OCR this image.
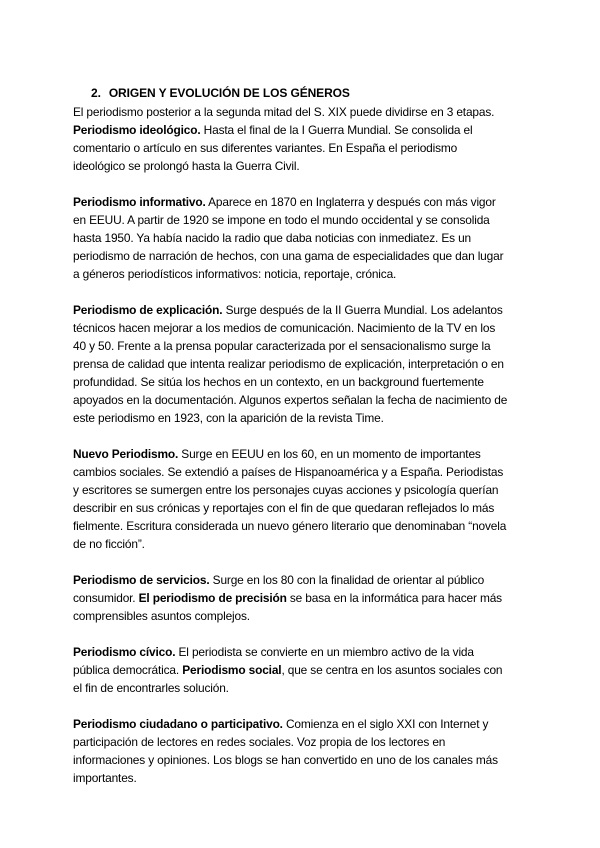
2. ORIGEN Y EVOLUCIÓN DE LOS GÉNEROS
El periodismo posterior a la segunda mitad del S. XIX puede dividirse en 3 etapas.
Periodismo ideológico. Hasta el final de la I Guerra Mundial. Se consolida el
comentario o artículo en sus diferentes variantes. En España el periodismo
ideológico se prolongó hasta la Guerra Civil.
Periodismo informativo. Aparece en 1870 en Inglaterra y después con más vigor
en EEUU. A partir de 1920 se impone en todo el mundo occidental y se consolida
hasta 1950. Ya había nacido la radio que daba noticias con inmediatez. Es un
periodismo de narración de hechos, con una gama de especialidades que dan lugar
a géneros periodísticos informativos: noticia, reportaje, crónica.
Periodismo de explicación. Surge después de la II Guerra Mundial. Los adelantos
técnicos hacen mejorar a los medios de comunicación. Nacimiento de la TV en los
40 y 50. Frente a la prensa popular caracterizada por el sensacionalismo surge la
prensa de calidad que intenta realizar periodismo de explicación, interpretación o en
profundidad. Se sitúa los hechos en un contexto, en un background fuertemente
apoyados en la documentación. Algunos expertos señalan la fecha de nacimiento de
este periodismo en 1923, con la aparición de la revista Time.
Nuevo Periodismo. Surge en EEUU en los 60, en un momento de importantes
cambios sociales. Se extendió a países de Hispanoamérica y a España. Periodistas
y escritores se sumergen entre los personajes cuyas acciones y psicología querían
describir en sus crónicas y reportajes con el fin de que quedaran reflejados lo más
fielmente. Escritura considerada un nuevo género literario que denominaban “novela
de no ficción”.
Periodismo de servicios. Surge en los 80 con la finalidad de orientar al público
consumidor. El periodismo de precisión se basa en la informática para hacer más
comprensibles asuntos complejos.
Periodismo cívico. El periodista se convierte en un miembro activo de la vida
pública democrática. Periodismo social, que se centra en los asuntos sociales con
el fin de encontrarles solución.
Periodismo ciudadano o participativo. Comienza en el siglo XXI con Internet y
participación de lectores en redes sociales. Voz propia de los lectores en
informaciones y opiniones. Los blogs se han convertido en uno de los canales más
importantes.
